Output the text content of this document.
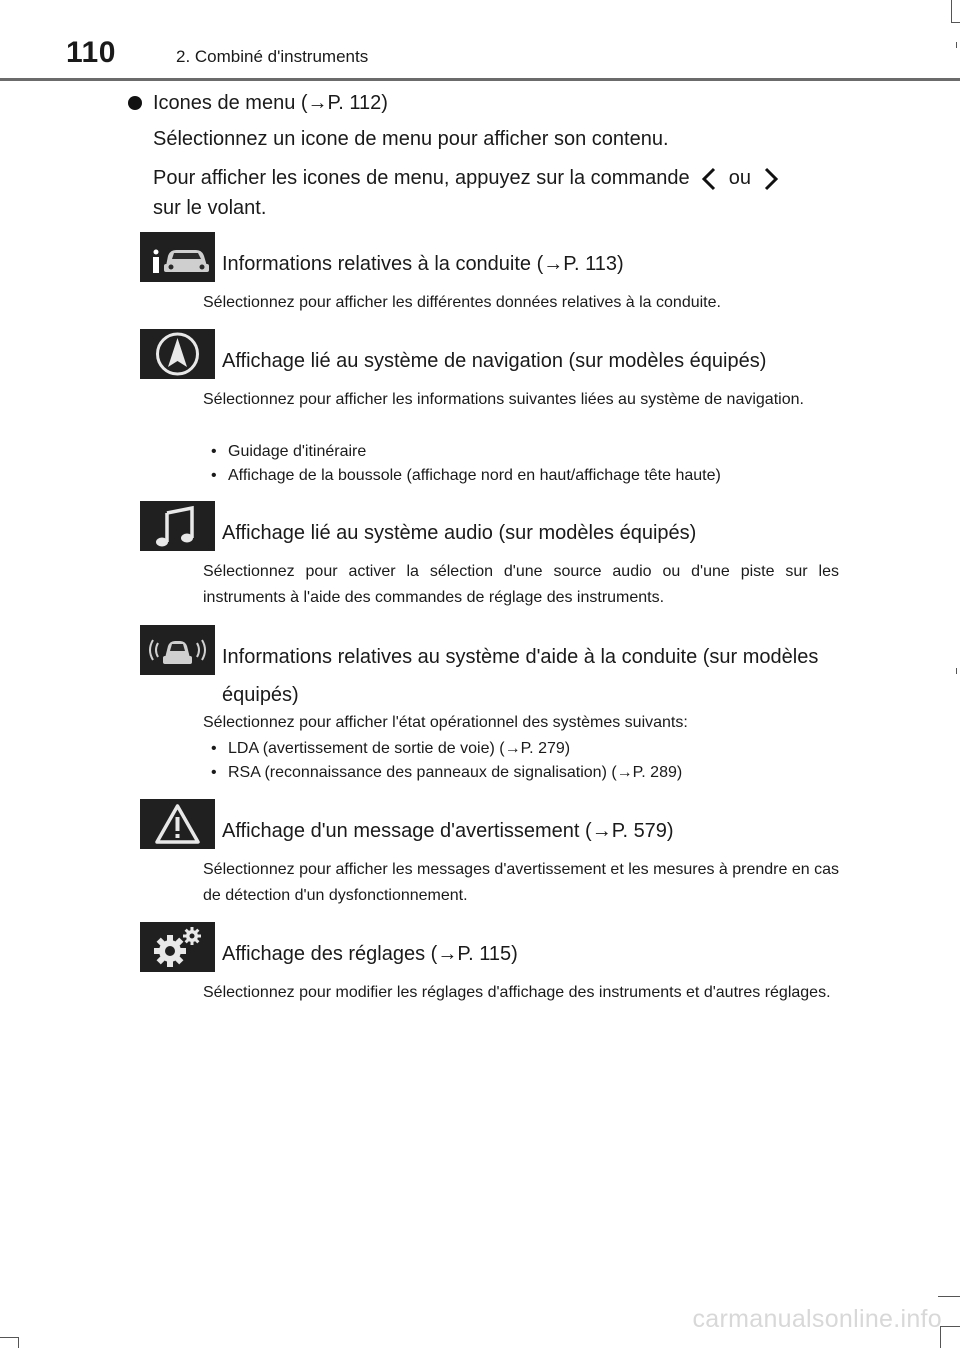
110	2. Combiné d'instruments
Icones de menu (→P. 112)
Sélectionnez un icone de menu pour afficher son contenu.
Pour afficher les icones de menu, appuyez sur la commande ou
sur le volant.
Informations relatives à la conduite (→P. 113)
Sélectionnez pour afficher les différentes données relatives à la conduite.
Affichage lié au système de navigation (sur modèles équipés)
Sélectionnez pour afficher les informations suivantes liées au système de navigation.
• Guidage d'itinéraire
• Affichage de la boussole (affichage nord en haut/affichage tête haute)
Affichage lié au système audio (sur modèles équipés)
Sélectionnez pour activer la sélection d'une source audio ou d'une piste sur les instruments à l'aide des commandes de réglage des instruments.
Informations relatives au système d'aide à la conduite (sur modèles équipés)
Sélectionnez pour afficher l'état opérationnel des systèmes suivants:
• LDA (avertissement de sortie de voie) (→P. 279)
• RSA (reconnaissance des panneaux de signalisation) (→P. 289)
Affichage d'un message d'avertissement (→P. 579)
Sélectionnez pour afficher les messages d'avertissement et les mesures à prendre en cas de détection d'un dysfonctionnement.
Affichage des réglages (→P. 115)
Sélectionnez pour modifier les réglages d'affichage des instruments et d'autres réglages.
carmanualsonline.info
